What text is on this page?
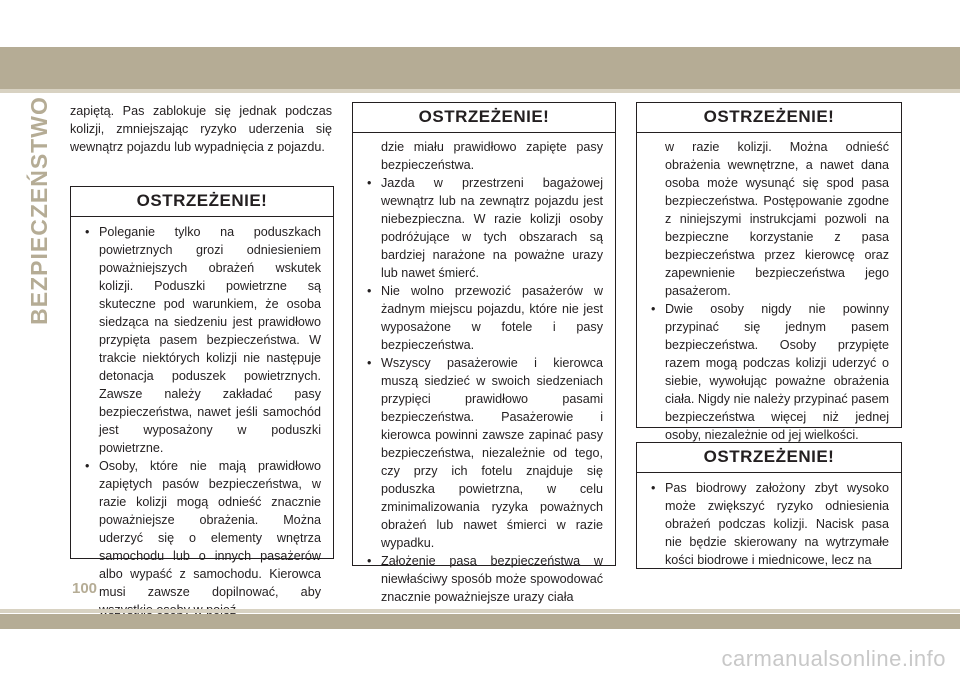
BEZPIECZEŃSTWO zapiętą. Pas zablokuje się jednak podczas kolizji, zmniejszając ryzyko uderzenia się wewnątrz pojazdu lub wypadnięcia z pojazdu.

OSTRZEŻENIE!
• Poleganie tylko na poduszkach powietrznych grozi odniesieniem poważniejszych obrażeń wskutek kolizji. Poduszki powietrzne są skuteczne pod warunkiem, że osoba siedząca na siedzeniu jest prawidłowo przypięta pasem bezpieczeństwa. W trakcie niektórych kolizji nie następuje detonacja poduszek powietrznych. Zawsze należy zakładać pasy bezpieczeństwa, nawet jeśli samochód jest wyposażony w poduszki powietrzne.
• Osoby, które nie mają prawidłowo zapiętych pasów bezpieczeństwa, w razie kolizji mogą odnieść znacznie poważniejsze obrażenia. Można uderzyć się o elementy wnętrza samochodu lub o innych pasażerów albo wypaść z samochodu. Kierowca musi zawsze dopilnować, aby
OSTRZEŻENIE!
dzie miału prawidłowo zapięte pasy bezpieczeństwa.
• Jazda w przestrzeni bagażowej wewnątrz lub na zewnątrz pojazdu jest niebezpieczna. W razie kolizji osoby podróżujące w tych obszarach są bardziej narażone na poważne urazy lub nawet śmierć.
• Nie wolno przewozić pasażerów w żadnym miejscu pojazdu, które nie jest wyposażone w fotele i pasy bezpieczeństwa.
• Wszyscy pasażerowie i kierowca muszą siedzieć w swoich siedzeniach przypięci prawidłowo pasami bezpieczeństwa. Pasażerowie i kierowca powinni zawsze zapinać pasy bezpieczeństwa, niezależnie od tego, czy przy ich fotelu znajduje się poduszka powietrzna, w celu zminimalizowania ryzyka poważnych obrażeń lub nawet śmierci w razie wypadku.
• Założenie pasa bezpieczeństwa w niewłaściwy sposób może spowodować znacznie poważniejsze urazy ciała
OSTRZEŻENIE!
w razie kolizji. Można odnieść obrażenia wewnętrzne, a nawet dana osoba może wysunąć się spod pasa bezpieczeństwa. Postępowanie zgodne z niniejszymi instrukcjami pozwoli na bezpieczne korzystanie z pasa bezpieczeństwa przez kierowcę oraz zapewnienie bezpieczeństwa jego pasażerom.
• Dwie osoby nigdy nie powinny przypinać się jednym pasem bezpieczeństwa. Osoby przypięte razem mogą podczas kolizji uderzyć o siebie, wywołując poważne obrażenia ciała. Nigdy nie należy przypinać pasem bezpieczeństwa więcej niż jednej osoby, niezależnie od jej wielkości.
OSTRZEŻENIE!
• Pas biodrowy założony zbyt wysoko może zwiększyć ryzyko odniesienia obrażeń podczas kolizji. Nacisk pasa nie będzie skierowany na wytrzymałe kości biodrowe i miednicowe, lecz na
100
carmanualsonline.info
